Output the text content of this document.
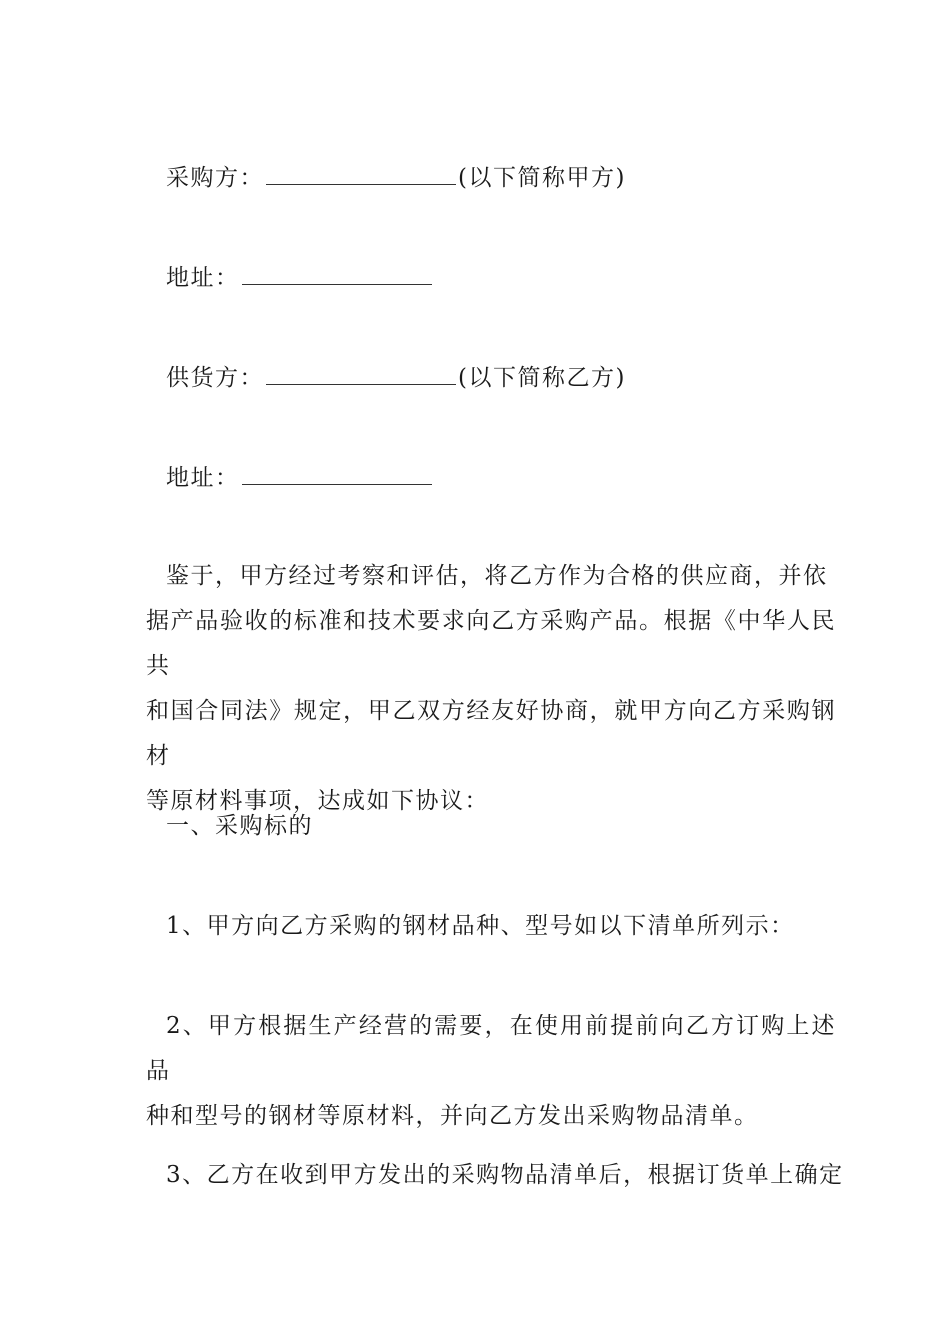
采购方：	(以下简称甲方)
地址：
供货方：	(以下简称乙方)
地址：
鉴于，甲方经过考察和评估，将乙方作为合格的供应商，并依
据产品验收的标准和技术要求向乙方采购产品。根据《中华人民共
和国合同法》规定，甲乙双方经友好协商，就甲方向乙方采购钢材
等原材料事项，达成如下协议：
一、采购标的
1、甲方向乙方采购的钢材品种、型号如以下清单所列示：
2、甲方根据生产经营的需要，在使用前提前向乙方订购上述品
种和型号的钢材等原材料，并向乙方发出采购物品清单。
3、乙方在收到甲方发出的采购物品清单后，根据订货单上确定
